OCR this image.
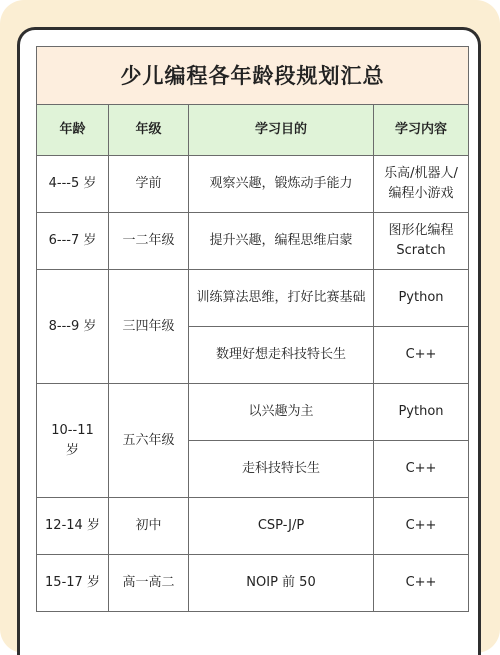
少儿编程各年龄段规划汇总			
年龄	年级	学习目的	学习内容
4---5 岁	学前	观察兴趣，锻炼动手能力	乐高/机器人/
编程小游戏
6---7 岁	一二年级	提升兴趣，编程思维启蒙	图形化编程
Scratch
8---9 岁	三四年级	训练算法思维，打好比赛基础	Python
		数理好想走科技特长生	C++
10--11 岁	五六年级	以兴趣为主	Python
		走科技特长生	C++
12-14 岁	初中	CSP-J/P	C++
15-17 岁	高一高二	NOIP 前 50	C++
